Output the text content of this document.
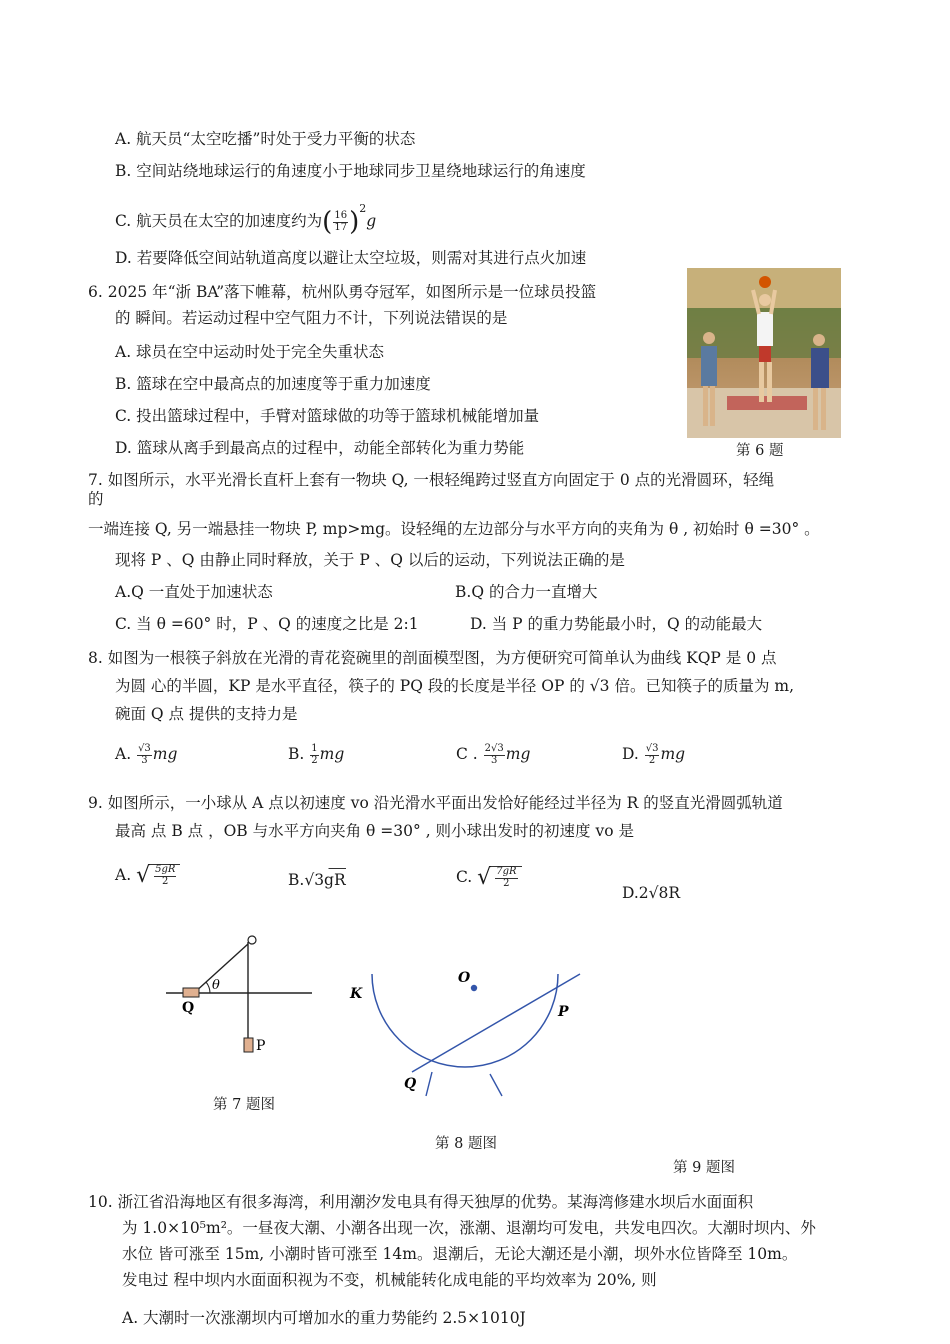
A. 航天员“太空吃播”时处于受力平衡的状态
B. 空间站绕地球运行的角速度小于地球同步卫星绕地球运行的角速度
C. 航天员在太空的加速度约为( $\frac{16}{17} )^2g$
D. 若要降低空间站轨道高度以避让太空垃圾，则需对其进行点火加速
6. 2025 年“浙 BA”落下帷幕，杭州队勇夺冠军，如图所示是一位球员投篮
的 瞬间。若运动过程中空气阻力不计，下列说法错误的是
A. 球员在空中运动时处于完全失重状态
B. 篮球在空中最高点的加速度等于重力加速度
C. 投出篮球过程中，手臂对篮球做的功等于篮球机械能增加量
D. 篮球从离手到最高点的过程中，动能全部转化为重力势能	第 6 题
7. 如图所示，水平光滑长直杆上套有一物块 Q, 一根轻绳跨过竖直方向固定于 0 点的光滑圆环，轻绳
的
一端连接 Q, 另一端悬挂一物块 P, mp>mg。设轻绳的左边部分与水平方向的夹角为 θ , 初始时 θ =30° 。
现将 P 、Q 由静止同时释放，关于 P 、Q 以后的运动，下列说法正确的是
A.Q 一直处于加速状态	B.Q 的合力一直增大
C. 当 θ =60° 时，P 、Q 的速度之比是 2:1	D. 当 P 的重力势能最小时，Q 的动能最大
8. 如图为一根筷子斜放在光滑的青花瓷碗里的剖面模型图，为方便研究可简单认为曲线 KQP 是 0 点
为圆 心的半圆，KP 是水平直径，筷子的 PQ 段的长度是半径 OP 的 √3 倍。已知筷子的质量为 m,
碗面 Q 点 提供的支持力是
A. $\frac{√3}{3}$ mg	B. $\frac{1}{2}$ mg	C . $\frac{2√3}{3}$ mg	D. $\frac{√3}{2}$ mg
9. 如图所示，一小球从 A 点以初速度 vo 沿光滑水平面出发恰好能经过半径为 R 的竖直光滑圆弧轨道
最高 点 B 点 ，OB 与水平方向夹角 θ =30° , 则小球出发时的初速度 vo 是
A. √ $\frac{5gR}{2}$	B.√3gR	C. √ $\frac{7gR}{2}$
D.2√8R
θ
Q
P
第 7 题图
O
K
P
Q
第 8 题图
第 9 题图
10. 浙江省沿海地区有很多海湾，利用潮汐发电具有得天独厚的优势。某海湾修建水坝后水面面积
为 1.0×10⁵m²。一昼夜大潮、小潮各出现一次，涨潮、退潮均可发电，共发电四次。大潮时坝内、外
水位 皆可涨至 15m, 小潮时皆可涨至 14m。退潮后，无论大潮还是小潮，坝外水位皆降至 10m。
发电过 程中坝内水面面积视为不变，机械能转化成电能的平均效率为 20%, 则
A. 大潮时一次涨潮坝内可增加水的重力势能约 2.5×1010J
